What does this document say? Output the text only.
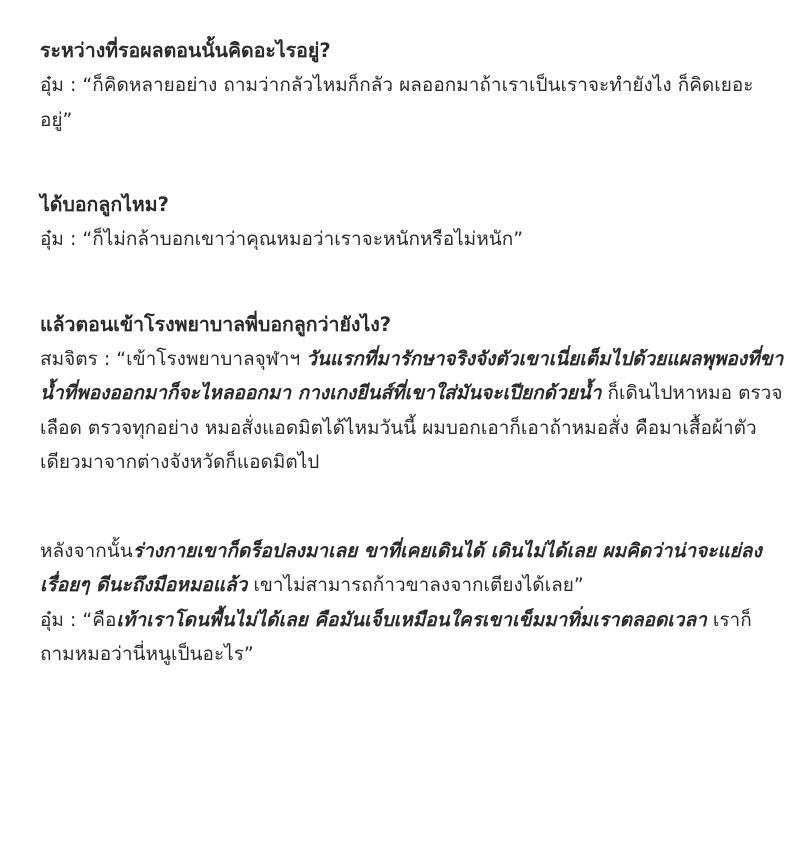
ระหว่างที่รอผลตอนนั้นคิดอะไรอยู่?

อุ๋ม : “ก็คิดหลายอย่าง ถามว่ากลัวไหมก็กลัว ผลออกมาถ้าเราเป็นเราจะทำยังไง ก็คิดเยอะอยู่”

ได้บอกลูกไหม?

อุ๋ม : “ก็ไม่กล้าบอกเขาว่าคุณหมอว่าเราจะหนักหรือไม่หนัก”

แล้วตอนเข้าโรงพยาบาลพี่บอกลูกว่ายังไง?

สมจิตร : “เข้าโรงพยาบาลจุฬาฯ วันแรกที่มารักษาจริงจังตัวเขาเนี่ยเต็มไปด้วยแผลพุพองที่ขา น้ำที่พองออกมาก็จะไหลออกมา กางเกงยีนส์ที่เขาใส่มันจะเปียกด้วยน้ำ ก็เดินไปหาหมอ ตรวจเลือด ตรวจทุกอย่าง หมอสั่งแอดมิตได้ไหมวันนี้ ผมบอกเอาก็เอาถ้าหมอสั่ง คือมาเสื้อผ้าตัวเดียวมาจากต่างจังหวัดก็แอดมิตไป

หลังจากนั้นร่างกายเขาก็ดร็อปลงมาเลย ขาที่เคยเดินได้ เดินไม่ได้เลย ผมคิดว่าน่าจะแย่ลงเรื่อยๆ ดีนะถึงมือหมอแล้ว เขาไม่สามารถก้าวขาลงจากเตียงได้เลย”

อุ๋ม : “คือเท้าเราโดนพื้นไม่ได้เลย คือมันเจ็บเหมือนใครเขาเข็มมาทิ่มเราตลอดเวลา เราก็ถามหมอว่านี่หนูเป็นอะไร”
